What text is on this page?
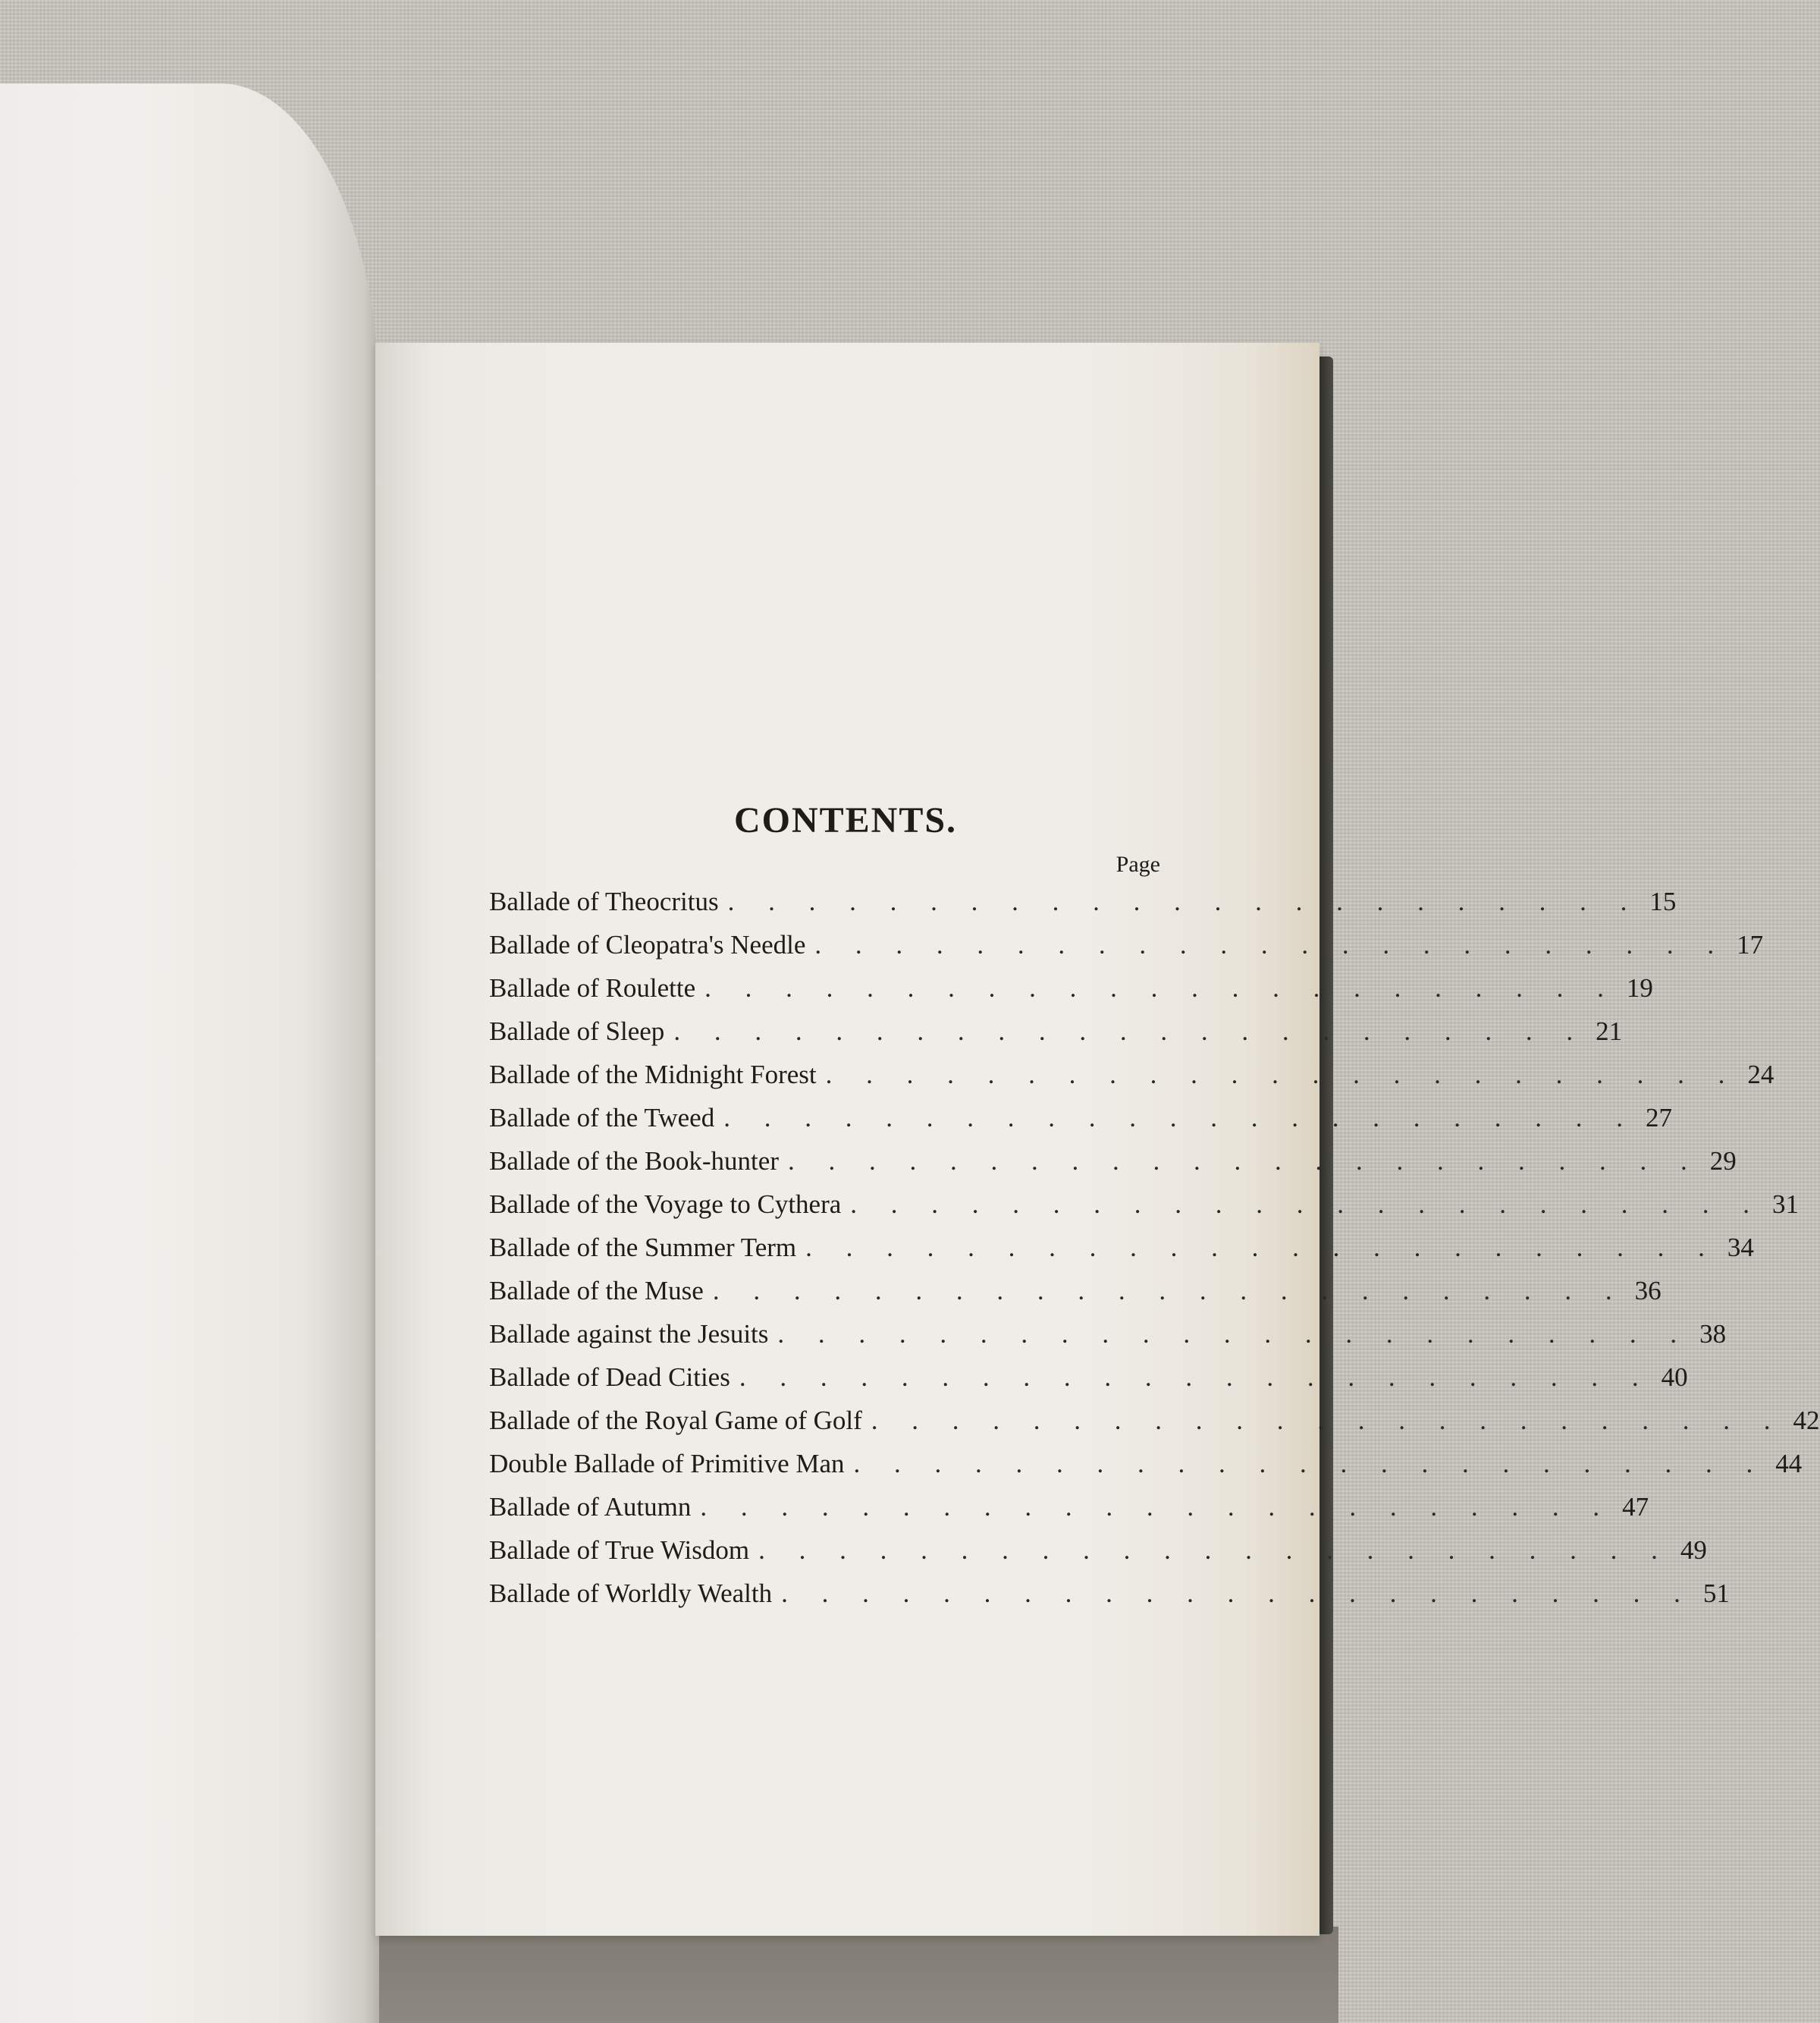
CONTENTS.
Page
Ballade of Theocritus . . . . . . . . . . . . . . . . . . . . . . . 15
Ballade of Cleopatra's Needle . . . . . . . . . . . . . . . . . . . . . . . 17
Ballade of Roulette . . . . . . . . . . . . . . . . . . . . . . . 19
Ballade of Sleep . . . . . . . . . . . . . . . . . . . . . . . 21
Ballade of the Midnight Forest . . . . . . . . . . . . . . . . . . . . . . . 24
Ballade of the Tweed . . . . . . . . . . . . . . . . . . . . . . . 27
Ballade of the Book-hunter . . . . . . . . . . . . . . . . . . . . . . . 29
Ballade of the Voyage to Cythera . . . . . . . . . . . . . . . . . . . . . . . 31
Ballade of the Summer Term . . . . . . . . . . . . . . . . . . . . . . . 34
Ballade of the Muse . . . . . . . . . . . . . . . . . . . . . . . 36
Ballade against the Jesuits . . . . . . . . . . . . . . . . . . . . . . . 38
Ballade of Dead Cities . . . . . . . . . . . . . . . . . . . . . . . 40
Ballade of the Royal Game of Golf . . . . . . . . . . . . . . . . . . . . . . . 42
Double Ballade of Primitive Man . . . . . . . . . . . . . . . . . . . . . . . 44
Ballade of Autumn . . . . . . . . . . . . . . . . . . . . . . . 47
Ballade of True Wisdom . . . . . . . . . . . . . . . . . . . . . . . 49
Ballade of Worldly Wealth . . . . . . . . . . . . . . . . . . . . . . . 51
